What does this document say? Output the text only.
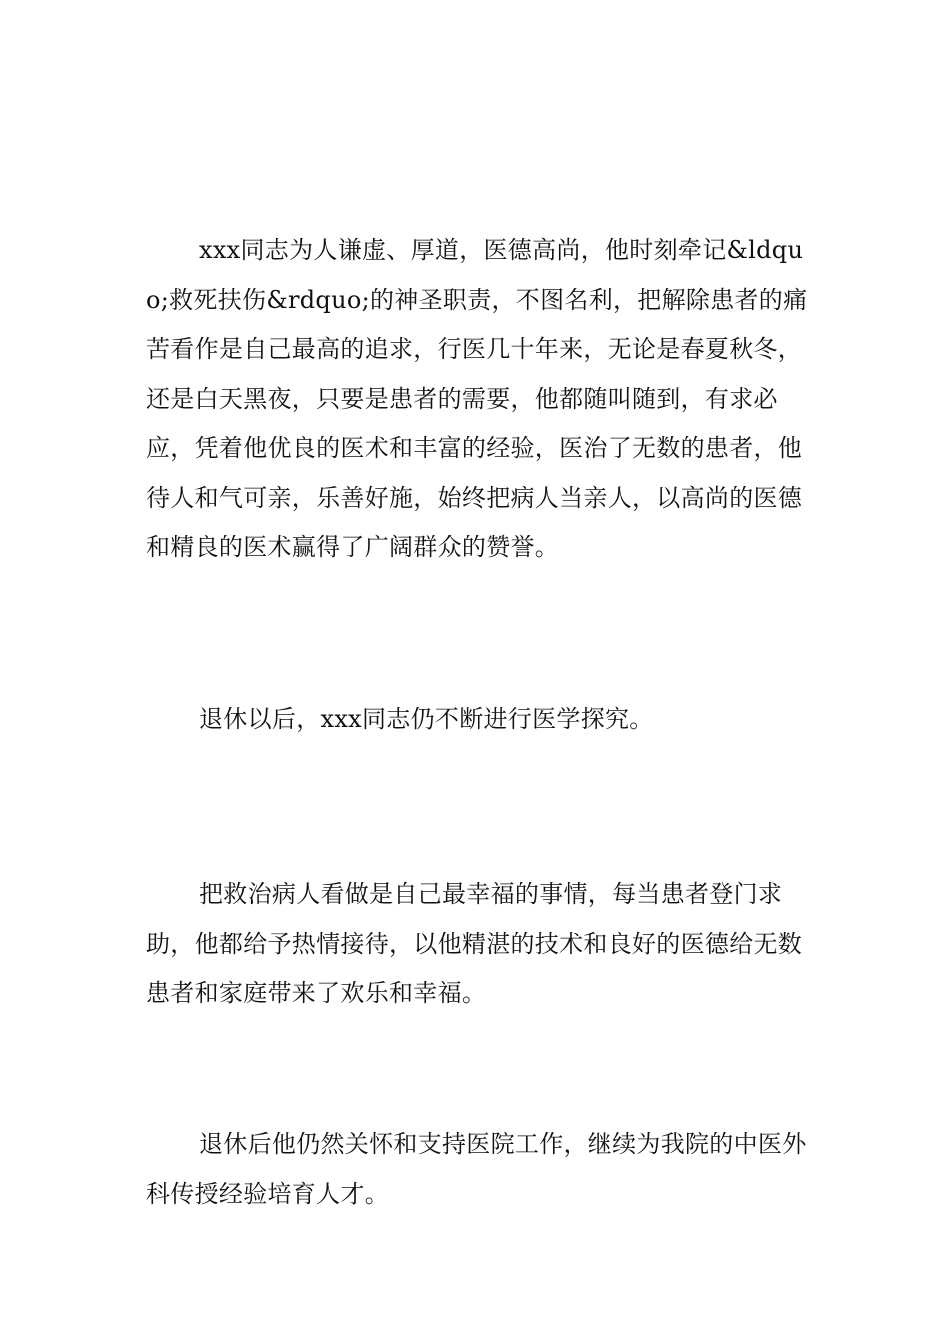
xxx同志为人谦虚、厚道，医德高尚，他时刻牵记&ldquo;救死扶伤&rdquo;的神圣职责，不图名利，把解除患者的痛苦看作是自己最高的追求，行医几十年来，无论是春夏秋冬，还是白天黑夜，只要是患者的需要，他都随叫随到，有求必应，凭着他优良的医术和丰富的经验，医治了无数的患者，他待人和气可亲，乐善好施，始终把病人当亲人，以高尚的医德和精良的医术赢得了广阔群众的赞誉。

退休以后，xxx同志仍不断进行医学探究。

把救治病人看做是自己最幸福的事情，每当患者登门求助，他都给予热情接待，以他精湛的技术和良好的医德给无数患者和家庭带来了欢乐和幸福。

退休后他仍然关怀和支持医院工作，继续为我院的中医外科传授经验培育人才。
